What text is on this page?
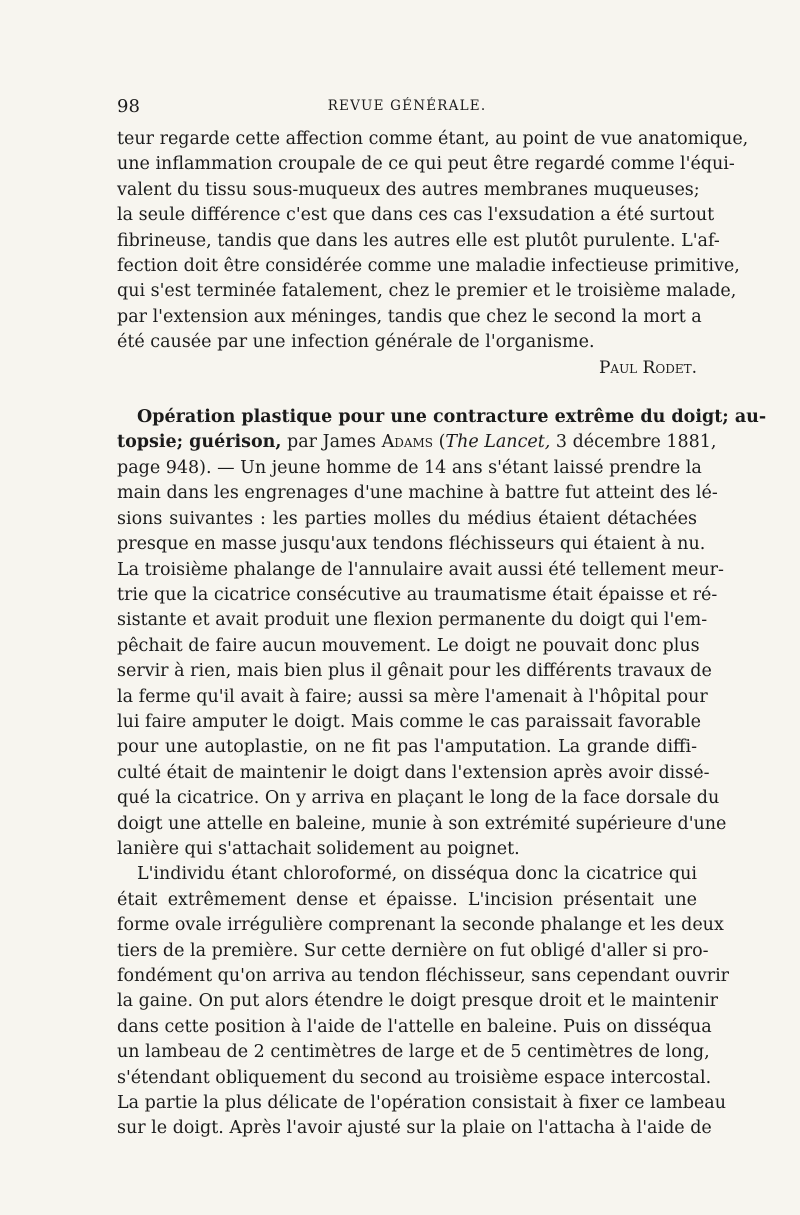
98	REVUE GÉNÉRALE.

teur regarde cette affection comme étant, au point de vue anatomique,
une inflammation croupale de ce qui peut être regardé comme l'équi-
valent du tissu sous-muqueux des autres membranes muqueuses;
la seule différence c'est que dans ces cas l'exsudation a été surtout
fibrineuse, tandis que dans les autres elle est plutôt purulente. L'af-
fection doit être considérée comme une maladie infectieuse primitive,
qui s'est terminée fatalement, chez le premier et le troisième malade,
par l'extension aux méninges, tandis que chez le second la mort a
été causée par une infection générale de l'organisme.

Paul Rodet.

Opération plastique pour une contracture extrême du doigt; au-
topsie; guérison, par James Adams (The Lancet, 3 décembre 1881,
page 948). — Un jeune homme de 14 ans s'étant laissé prendre la
main dans les engrenages d'une machine à battre fut atteint des lé-
sions suivantes : les parties molles du médius étaient détachées
presque en masse jusqu'aux tendons fléchisseurs qui étaient à nu.
La troisième phalange de l'annulaire avait aussi été tellement meur-
trie que la cicatrice consécutive au traumatisme était épaisse et ré-
sistante et avait produit une flexion permanente du doigt qui l'em-
pêchait de faire aucun mouvement. Le doigt ne pouvait donc plus
servir à rien, mais bien plus il gênait pour les différents travaux de
la ferme qu'il avait à faire; aussi sa mère l'amenait à l'hôpital pour
lui faire amputer le doigt. Mais comme le cas paraissait favorable
pour une autoplastie, on ne fit pas l'amputation. La grande diffi-
culté était de maintenir le doigt dans l'extension après avoir dissé-
qué la cicatrice. On y arriva en plaçant le long de la face dorsale du
doigt une attelle en baleine, munie à son extrémité supérieure d'une
lanière qui s'attachait solidement au poignet.

L'individu étant chloroformé, on disséqua donc la cicatrice qui
était extrêmement dense et épaisse. L'incision présentait une
forme ovale irrégulière comprenant la seconde phalange et les deux
tiers de la première. Sur cette dernière on fut obligé d'aller si pro-
fondément qu'on arriva au tendon fléchisseur, sans cependant ouvrir
la gaine. On put alors étendre le doigt presque droit et le maintenir
dans cette position à l'aide de l'attelle en baleine. Puis on disséqua
un lambeau de 2 centimètres de large et de 5 centimètres de long,
s'étendant obliquement du second au troisième espace intercostal.
La partie la plus délicate de l'opération consistait à fixer ce lambeau
sur le doigt. Après l'avoir ajusté sur la plaie on l'attacha à l'aide de
